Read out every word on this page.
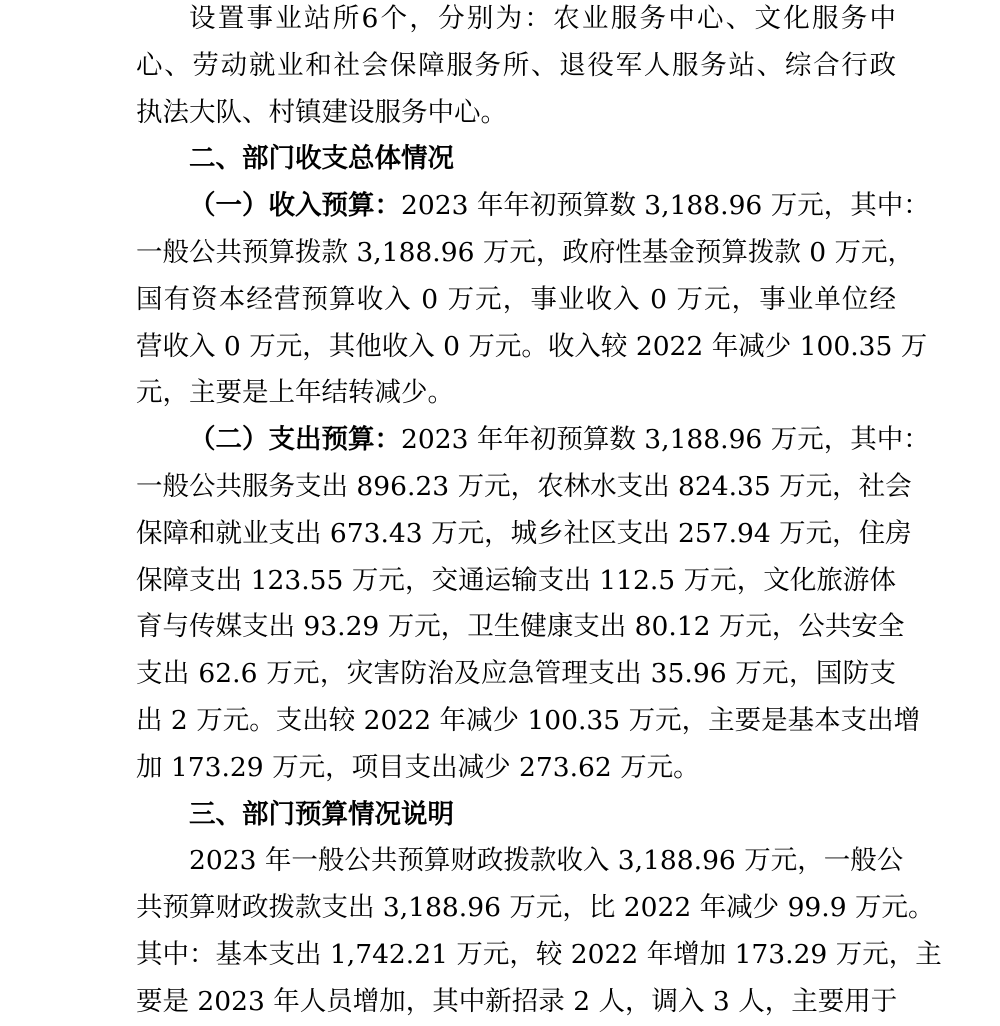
设置事业站所6个，分别为：农业服务中心、文化服务中
心、劳动就业和社会保障服务所、退役军人服务站、综合行政
执法大队、村镇建设服务中心。
二、部门收支总体情况
（一）收入预算：2023 年年初预算数 3,188.96 万元，其中：
一般公共预算拨款 3,188.96 万元，政府性基金预算拨款 0 万元，
国有资本经营预算收入 0 万元，事业收入 0 万元，事业单位经
营收入 0 万元，其他收入 0 万元。收入较 2022 年减少 100.35 万
元，主要是上年结转减少。
（二）支出预算：2023 年年初预算数 3,188.96 万元，其中：
一般公共服务支出 896.23 万元，农林水支出 824.35 万元，社会
保障和就业支出 673.43 万元，城乡社区支出 257.94 万元，住房
保障支出 123.55 万元，交通运输支出 112.5 万元，文化旅游体
育与传媒支出 93.29 万元，卫生健康支出 80.12 万元，公共安全
支出 62.6 万元，灾害防治及应急管理支出 35.96 万元，国防支
出 2 万元。支出较 2022 年减少 100.35 万元，主要是基本支出增
加 173.29 万元，项目支出减少 273.62 万元。
三、部门预算情况说明
2023 年一般公共预算财政拨款收入 3,188.96 万元，一般公
共预算财政拨款支出 3,188.96 万元，比 2022 年减少 99.9 万元。
其中：基本支出 1,742.21 万元，较 2022 年增加 173.29 万元，主
要是 2023 年人员增加，其中新招录 2 人，调入 3 人，主要用于
